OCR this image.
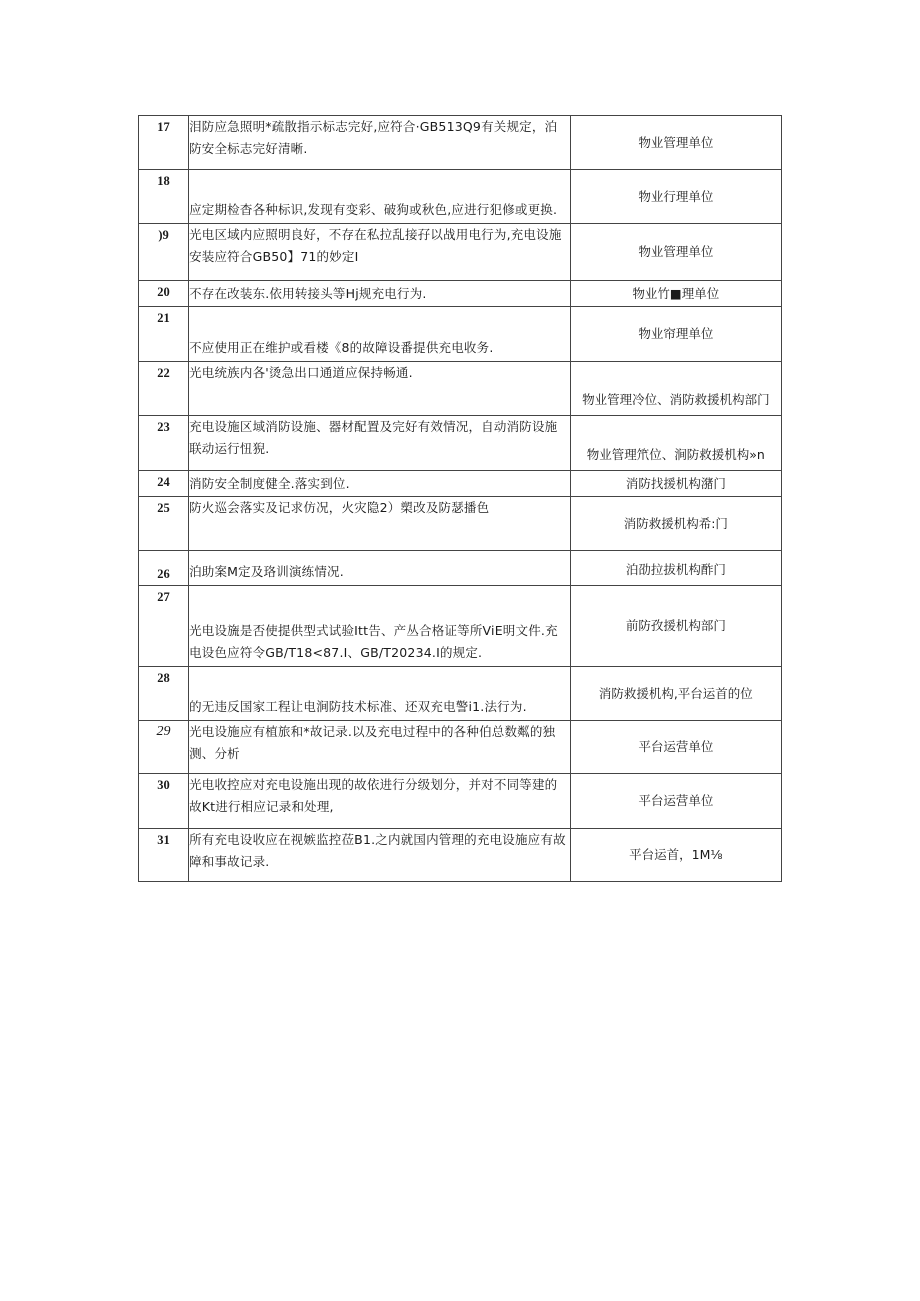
17	泪防应急照明*疏散指示标志完好,应符合·GB513Q9有关规定，泊防安全标志完好清晰.	物业管理单位
18	应定期检杳各种标识,发现有变彩、破狗或秋色,应进行犯修或更换.	物业行理单位
)9	光电区域内应照明良好，不存在私拉乱接孖以战用电行为,充电设施安装应符合GB50】71的妙定I	物业管理单位
20	不存在改装东.依用转接头等Hj规充电行为.	物业竹■理单位
21	不应使用正在维护或看楼《8的故障设番提供充电收务.	物业帘理单位
22	光电统族内各'烫急出口通道应保持畅通.	物业管理冷位、消防救援机构部门
23	充电设施区域消防设施、器材配置及完好有效情况，自动消防设施联动运行忸猊.	物业管理笊位、涧防救援机构»n
24	消防安全制度健全.落实到位.	消防找援机构潴门
25	防火巡会落实及记求仿况，火灾隐2）槊改及防瑟播色	消防救援机构希:门
26	泊助案M定及珞训演练情况.	泊劭拉拔机构酢门
27	光电设旒是否使提供型式试验Itt告、产丛合格证等所ViE明文件.充电设色应符令GB/T18<87.I、GB/T20234.I的规定.	前防孜援机构部门
28	的无违反国家工程让电涧防技术标准、还双充电警i1.法行为.	消防救援机构,平台运首的位
29	光电设施应有植旅和*故记录.以及充电过程中的各种伯总数粼的独测、分析	平台运营单位
30	光电收控应对充电设施出现的故依进行分级划分，并对不同等建的故Kt进行相应记录和处理,	平台运营单位
31	所有充电设收应在视嫉监控莅B1.之内就国内管理的充电设施应有故障和事故记录.	平台运首，1M⅛
